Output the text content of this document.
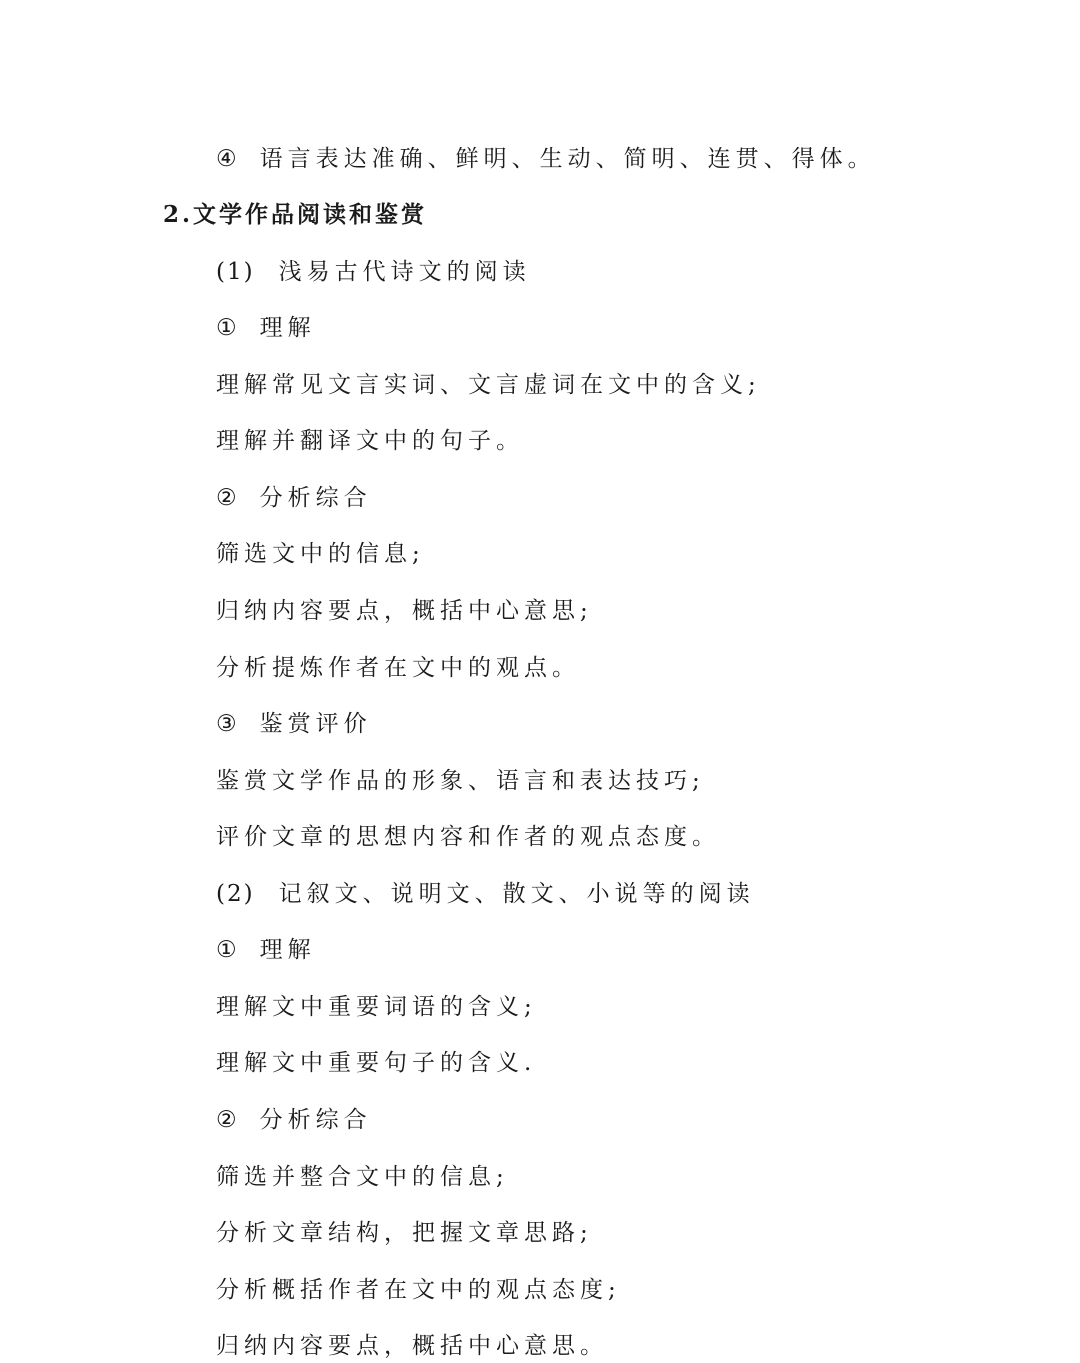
④ 语言表达准确、鲜明、生动、简明、连贯、得体。
2.文学作品阅读和鉴赏
(1) 浅易古代诗文的阅读
① 理解
理解常见文言实词、文言虚词在文中的含义;
理解并翻译文中的句子。
② 分析综合
筛选文中的信息;
归纳内容要点，概括中心意思;
分析提炼作者在文中的观点。
③ 鉴赏评价
鉴赏文学作品的形象、语言和表达技巧;
评价文章的思想内容和作者的观点态度。
(2) 记叙文、说明文、散文、小说等的阅读
① 理解
理解文中重要词语的含义;
理解文中重要句子的含义.
② 分析综合
筛选并整合文中的信息;
分析文章结构，把握文章思路;
分析概括作者在文中的观点态度;
归纳内容要点，概括中心意思。
